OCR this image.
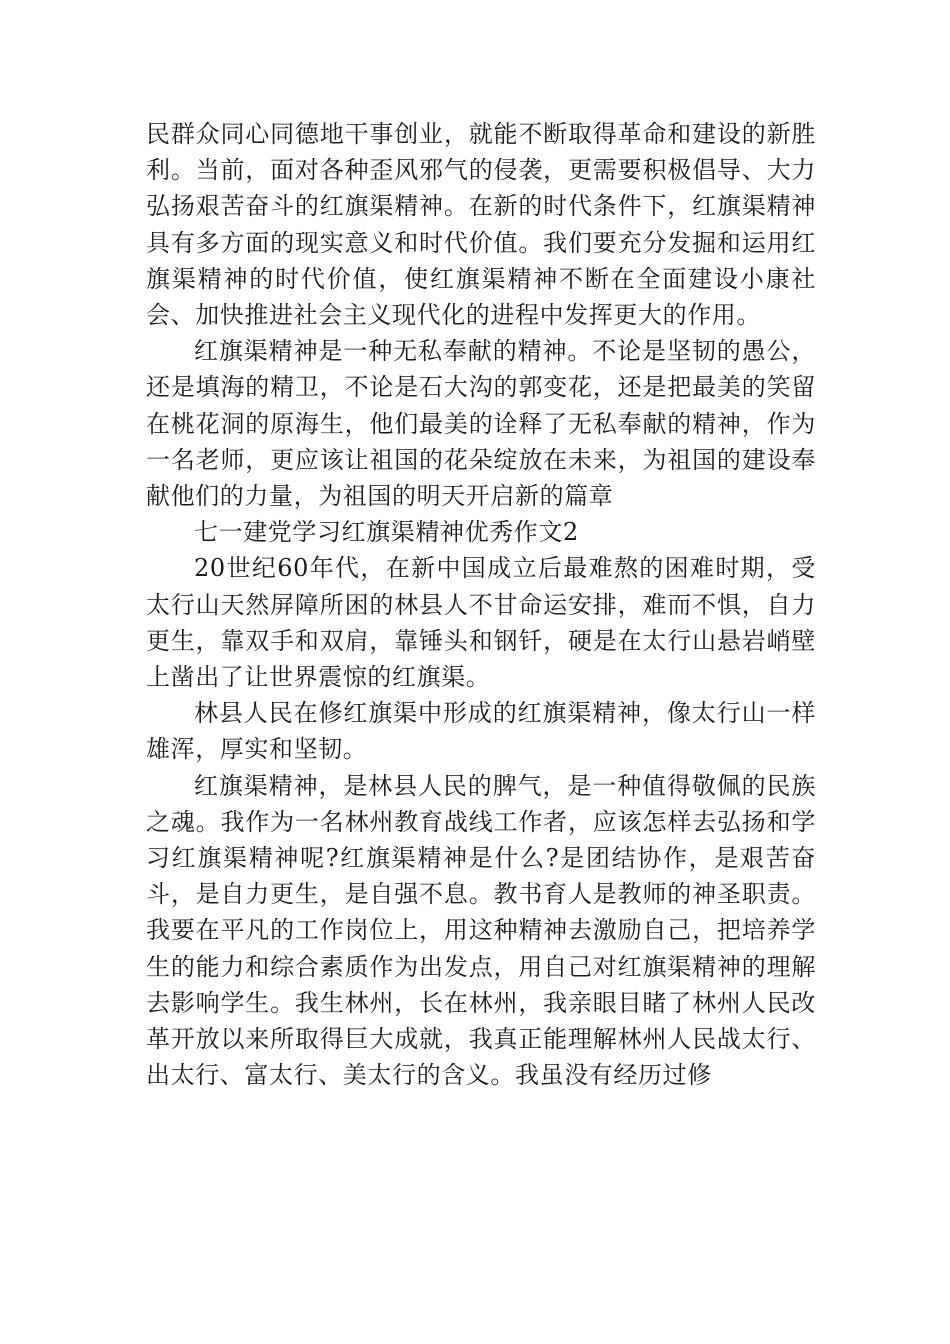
民群众同心同德地干事创业，就能不断取得革命和建设的新胜利。当前，面对各种歪风邪气的侵袭，更需要积极倡导、大力弘扬艰苦奋斗的红旗渠精神。在新的时代条件下，红旗渠精神具有多方面的现实意义和时代价值。我们要充分发掘和运用红旗渠精神的时代价值，使红旗渠精神不断在全面建设小康社会、加快推进社会主义现代化的进程中发挥更大的作用。

红旗渠精神是一种无私奉献的精神。不论是坚韧的愚公，还是填海的精卫，不论是石大沟的郭变花，还是把最美的笑留在桃花洞的原海生，他们最美的诠释了无私奉献的精神，作为一名老师，更应该让祖国的花朵绽放在未来，为祖国的建设奉献他们的力量，为祖国的明天开启新的篇章

七一建党学习红旗渠精神优秀作文2

20世纪60年代，在新中国成立后最难熬的困难时期，受太行山天然屏障所困的林县人不甘命运安排，难而不惧，自力更生，靠双手和双肩，靠锤头和钢钎，硬是在太行山悬岩峭壁上凿出了让世界震惊的红旗渠。

林县人民在修红旗渠中形成的红旗渠精神，像太行山一样雄浑，厚实和坚韧。

红旗渠精神，是林县人民的脾气，是一种值得敬佩的民族之魂。我作为一名林州教育战线工作者，应该怎样去弘扬和学习红旗渠精神呢?红旗渠精神是什么?是团结协作，是艰苦奋斗，是自力更生，是自强不息。教书育人是教师的神圣职责。我要在平凡的工作岗位上，用这种精神去激励自己，把培养学生的能力和综合素质作为出发点，用自己对红旗渠精神的理解去影响学生。我生林州，长在林州，我亲眼目睹了林州人民改革开放以来所取得巨大成就，我真正能理解林州人民战太行、出太行、富太行、美太行的含义。我虽没有经历过修
